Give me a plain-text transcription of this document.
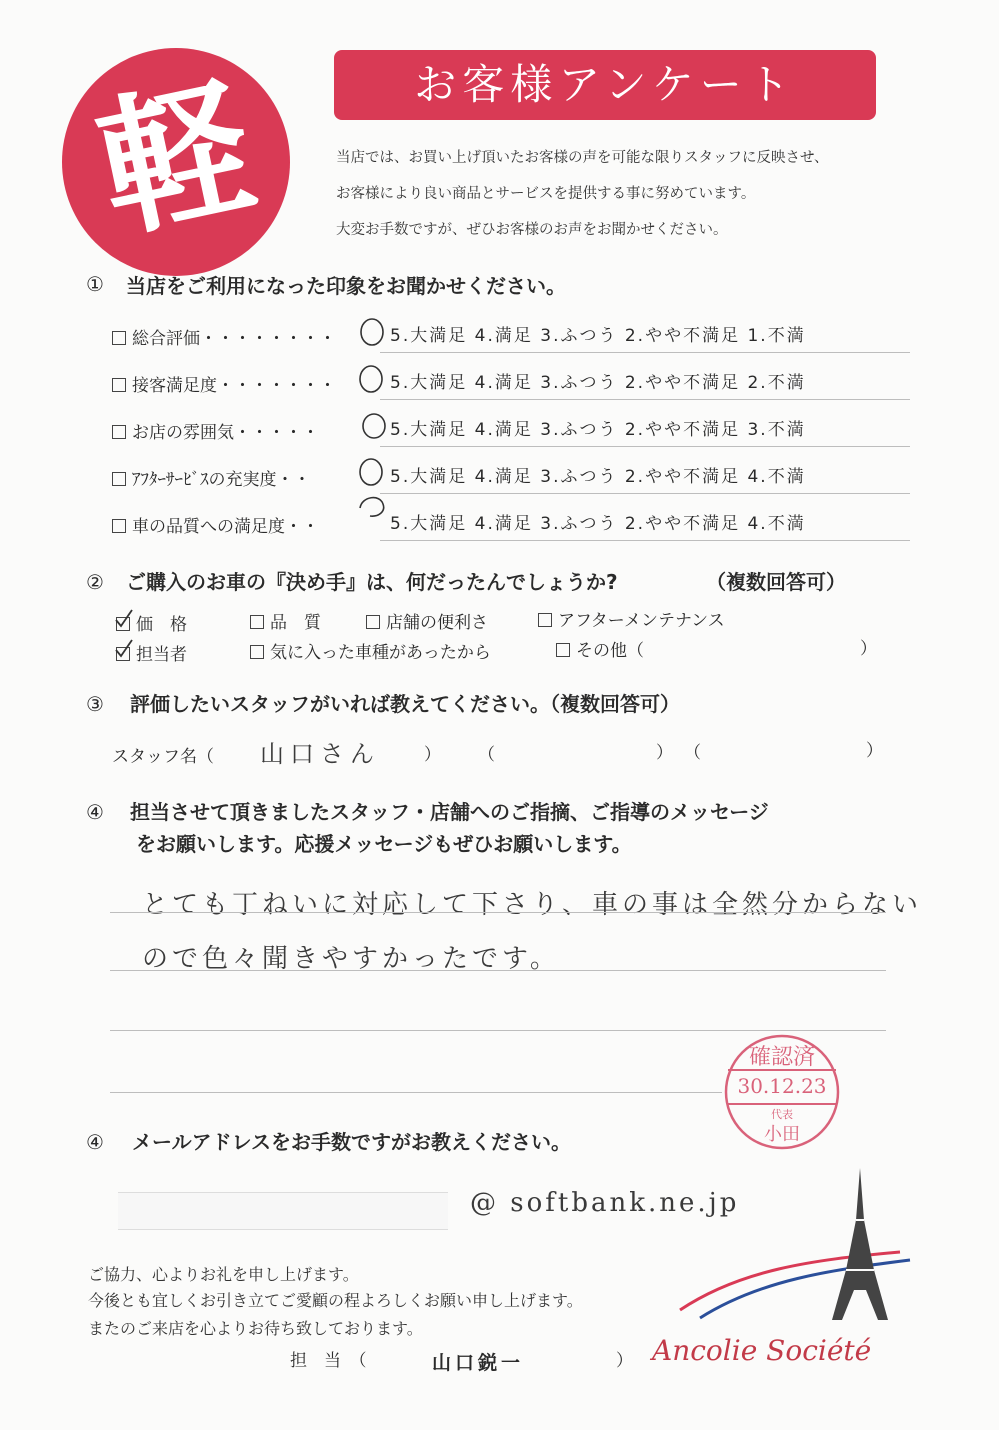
軽	お客様アンケート
当店では、お買い上げ頂いたお客様の声を可能な限りスタッフに反映させ、
お客様により良い商品とサービスを提供する事に努めています。
大変お手数ですが、ぜひお客様のお声をお聞かせください。
① 当店をご利用になった印象をお聞かせください。
総合評価・・・・・・・・	5.大満足 4.満足 3.ふつう 2.やや不満足 1.不満
接客満足度・・・・・・・	5.大満足 4.満足 3.ふつう 2.やや不満足 2.不満
お店の雰囲気・・・・・	5.大満足 4.満足 3.ふつう 2.やや不満足 3.不満
ｱﾌﾀｰｻｰﾋﾞｽの充実度・・	5.大満足 4.満足 3.ふつう 2.やや不満足 4.不満
車の品質への満足度・・	5.大満足 4.満足 3.ふつう 2.やや不満足 4.不満
② ご購入のお車の『決め手』は、何だったんでしょうか?	（複数回答可）
価　格	品　質	店舗の便利さ	アフターメンテナンス
担当者	気に入った車種があったから	その他（	）
③ 評価したいスタッフがいれば教えてください。（複数回答可）
スタッフ名（ 山口さん	） （	） （	）
④ 担当させて頂きましたスタッフ・店舗へのご指摘、ご指導のメッセージ
をお願いします。応援メッセージもぜひお願いします。
とても丁ねいに対応して下さり、車の事は全然分からない
ので色々聞きやすかったです。
確認済
30.12.23
代表
小田
④ メールアドレスをお手数ですがお教えください。
@ softbank.ne.jp
ご協力、心よりお礼を申し上げます。
今後とも宜しくお引き立てご愛顧の程よろしくお願い申し上げます。
またのご来店を心よりお待ち致しております。
担　当　（	山口鋭一	） Ancolie Société
